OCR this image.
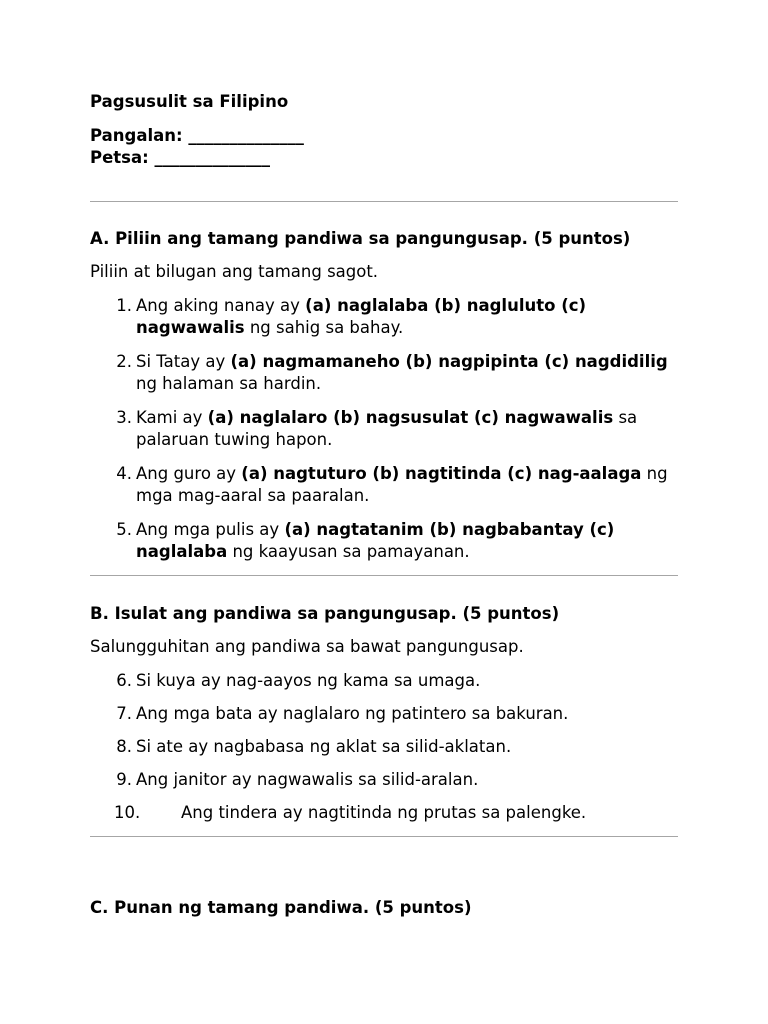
Pagsusulit sa Filipino
Pangalan: ______________
Petsa: ______________
A. Piliin ang tamang pandiwa sa pangungusap. (5 puntos)
Piliin at bilugan ang tamang sagot.
1. Ang aking nanay ay (a) naglalaba (b) nagluluto (c) nagwawalis ng sahig sa bahay.
2. Si Tatay ay (a) nagmamaneho (b) nagpipinta (c) nagdidilig ng halaman sa hardin.
3. Kami ay (a) naglalaro (b) nagsusulat (c) nagwawalis sa palaruan tuwing hapon.
4. Ang guro ay (a) nagtuturo (b) nagtitinda (c) nag-aalaga ng mga mag-aaral sa paaralan.
5. Ang mga pulis ay (a) nagtatanim (b) nagbabantay (c) naglalaba ng kaayusan sa pamayanan.
B. Isulat ang pandiwa sa pangungusap. (5 puntos)
Salungguhitan ang pandiwa sa bawat pangungusap.
6. Si kuya ay nag-aayos ng kama sa umaga.
7. Ang mga bata ay naglalaro ng patintero sa bakuran.
8. Si ate ay nagbabasa ng aklat sa silid-aklatan.
9. Ang janitor ay nagwawalis sa silid-aralan.
10. Ang tindera ay nagtitinda ng prutas sa palengke.
C. Punan ng tamang pandiwa. (5 puntos)
